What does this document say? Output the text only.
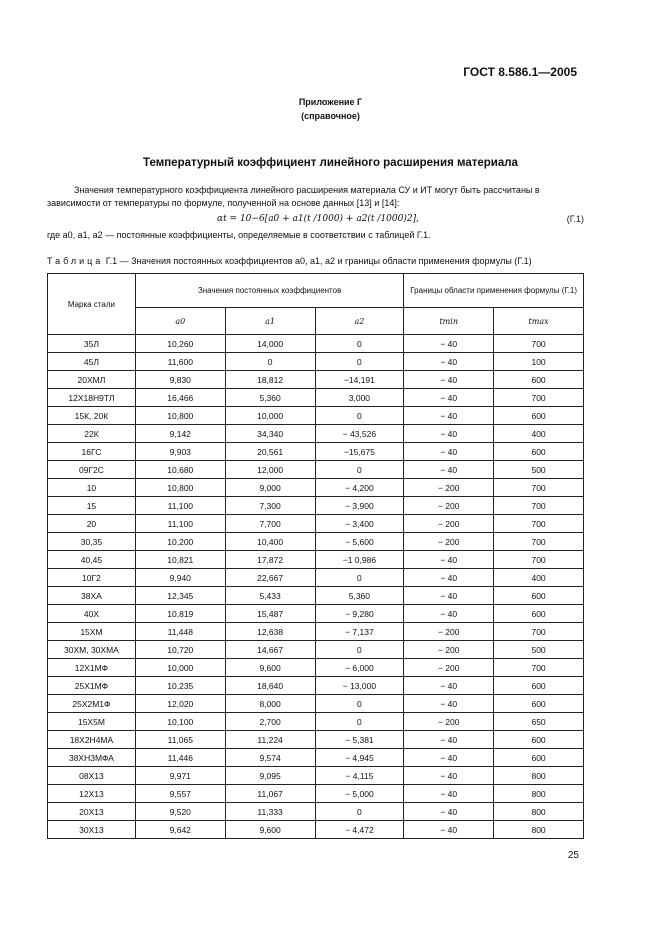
ГОСТ 8.586.1—2005
Приложение Г
(справочное)
Температурный коэффициент линейного расширения материала
Значения температурного коэффициента линейного расширения материала СУ и ИТ могут быть рассчитаны в зависимости от температуры по формуле, полученной на основе данных [13] и [14]:
αt = 10−6[a0 + a1(t /1000) + a2(t /1000)2],	(Г.1)
где a0, a1, a2 — постоянные коэффициенты, определяемые в соответствии с таблицей Г.1.
Таблица Г.1 — Значения постоянных коэффициентов a0, a1, a2 и границы области применения формулы (Г.1)
Марка стали	Значения постоянных коэффициентов			Границы области применения формулы (Г.1)	
	a0	a1	a2	tmin	tmax
35Л	10,260	14,000	0	− 40	700
45Л	11,600	0	0	− 40	100
20ХМЛ	9,830	18,812	−14,191	− 40	600
12Х18Н9ТЛ	16,466	5,360	3,000	− 40	700
15К, 20К	10,800	10,000	0	− 40	600
22К	9,142	34,340	− 43,526	− 40	400
16ГС	9,903	20,561	−15,675	− 40	600
09Г2С	10,680	12,000	0	− 40	500
10	10,800	9,000	− 4,200	− 200	700
15	11,100	7,300	− 3,900	− 200	700
20	11,100	7,700	− 3,400	− 200	700
30,35	10,200	10,400	− 5,600	− 200	700
40,45	10,821	17,872	−1 0,986	− 40	700
10Г2	9,940	22,667	0	− 40	400
38ХА	12,345	5,433	5,360	− 40	600
40Х	10,819	15,487	− 9,280	− 40	600
15ХМ	11,448	12,638	− 7,137	− 200	700
30ХМ, 30ХМА	10,720	14,667	0	− 200	500
12Х1МФ	10,000	9,600	− 6,000	− 200	700
25Х1МФ	10,235	18,640	− 13,000	− 40	600
25Х2М1Ф	12,020	8,000	0	− 40	600
15Х5М	10,100	2,700	0	− 200	650
18Х2Н4МА	11,065	11,224	− 5,381	− 40	600
38ХН3МФА	11,446	9,574	− 4,945	− 40	600
08Х13	9,971	9,095	− 4,115	− 40	800
12Х13	9,557	11,067	− 5,000	− 40	800
20Х13	9,520	11,333	0	− 40	800
30Х13	9,642	9,600	− 4,472	− 40	800
25
